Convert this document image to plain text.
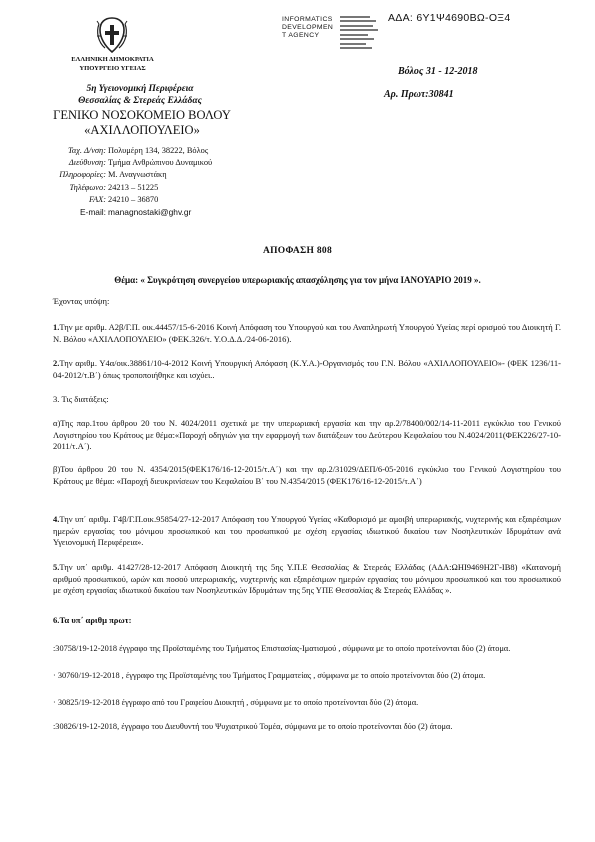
ΑΔΑ: 6Υ1Ψ4690ΒΩ-ΟΞ4
INFORMATICS
DEVELOPMEN
T AGENCY
ΕΛΛΗΝΙΚΗ ΔΗΜΟΚΡΑΤΙΑ
ΥΠΟΥΡΓΕΙΟ ΥΓΕΙΑΣ
5η Υγειονομική Περιφέρεια
Θεσσαλίας & Στερεάς Ελλάδας
ΓΕΝΙΚΟ ΝΟΣΟΚΟΜΕΙΟ ΒΟΛΟΥ
«ΑΧΙΛΛΟΠΟΥΛΕΙΟ»
Βόλος 31 - 12-2018
Αρ. Πρωτ:30841
Ταχ. Δ/νση: Πολυμέρη 134, 38222, Βόλος
Διεύθυνση: Τμήμα Ανθρώπινου Δυναμικού
Πληροφορίες: Μ. Αναγνωστάκη
Τηλέφωνο: 24213 – 51225
FAX: 24210 – 36870
E-mail: managnostaki@ghv.gr
ΑΠΟΦΑΣΗ 808
Θέμα: « Συγκρότηση συνεργείου υπερωριακής απασχόλησης για τον μήνα ΙΑΝΟΥΑΡΙΟ 2019 ».
Έχοντας υπόψη:
1.Την με αριθμ. Α2β/Γ.Π. οικ.44457/15-6-2016 Κοινή Απόφαση του Υπουργού και του Αναπληρωτή Υπουργού Υγείας περί ορισμού του Διοικητή Γ. Ν. Βόλου «ΑΧΙΛΛΟΠΟΥΛΕΙΟ» (ΦΕΚ.326/τ. Υ.Ο.Δ.Δ./24-06-2016).
2.Την αριθμ. Υ4α/οικ.38861/10-4-2012 Κοινή Υπουργική Απόφαση (Κ.Υ.Α.)-Οργανισμός του Γ.Ν. Βόλου «ΑΧΙΛΛΟΠΟΥΛΕΙΟ»- (ΦΕΚ 1236/11-04-2012/τ.Β΄) όπως τροποποιήθηκε και ισχύει..
3. Τις διατάξεις:
α)Της παρ.1του άρθρου 20 του Ν. 4024/2011 σχετικά με την υπερωριακή εργασία και την αρ.2/78400/002/14-11-2011 εγκύκλιο του Γενικού Λογιστηρίου του Κράτους με θέμα:«Παροχή οδηγιών για την εφαρμογή των διατάξεων του Δεύτερου Κεφαλαίου του Ν.4024/2011(ΦΕΚ226/27-10-2011/τ.Α΄).
β)Του άρθρου 20 του Ν. 4354/2015(ΦΕΚ176/16-12-2015/τ.Α΄) και την αρ.2/31029/ΔΕΠ/6-05-2016 εγκύκλιο του Γενικού Λογιστηρίου του Κράτους με θέμα: «Παροχή διευκρινίσεων του Κεφαλαίου Β΄ του Ν.4354/2015 (ΦΕΚ176/16-12-2015/τ.Α΄)
4.Την υπ΄ αριθμ. Γ4β/Γ.Π.οικ.95854/27-12-2017 Απόφαση του Υπουργού Υγείας «Καθορισμό με αμοιβή υπερωριακής, νυχτερινής και εξαιρέσιμων ημερών εργασίας του μόνιμου προσωπικού και του προσωπικού με σχέση εργασίας ιδιωτικού δικαίου των Νοσηλευτικών Ιδρυμάτων ανά Υγειονομική Περιφέρεια».
5.Την υπ΄ αριθμ. 41427/28-12-2017 Απόφαση Διοικητή της 5ης Υ.Π.Ε Θεσσαλίας & Στερεάς Ελλάδας (ΑΔΑ:ΩΗΙ9469Η2Γ-ΙΒ8) «Κατανομή αριθμού προσωπικού, ωρών και ποσού υπερωριακής, νυχτερινής και εξαιρέσιμων ημερών εργασίας του μόνιμου προσωπικού και του προσωπικού με σχέση εργασίας ιδιωτικού δικαίου των Νοσηλευτικών Ιδρυμάτων της 5ης ΥΠΕ Θεσσαλίας & Στερεάς Ελλάδας ».
6.Τα υπ΄ αριθμ πρωτ:
:30758/19-12-2018 έγγραφο της Προϊσταμένης του Τμήματος Επιστασίας-Ιματισμού , σύμφωνα με το οποίο προτείνονται δύο (2) άτομα.
· 30760/19-12-2018 , έγγραφο της Προϊσταμένης του Τμήματος Γραμματείας , σύμφωνα με το οποίο προτείνονται δύο (2) άτομα.
· 30825/19-12-2018 έγγραφο από του Γραφείου Διοικητή , σύμφωνα με το οποίο προτείνονται δύο (2) άτομα.
:30826/19-12-2018, έγγραφο του Διευθυντή του Ψυχιατρικού Τομέα, σύμφωνα με το οποίο προτείνονται δύο (2) άτομα.
